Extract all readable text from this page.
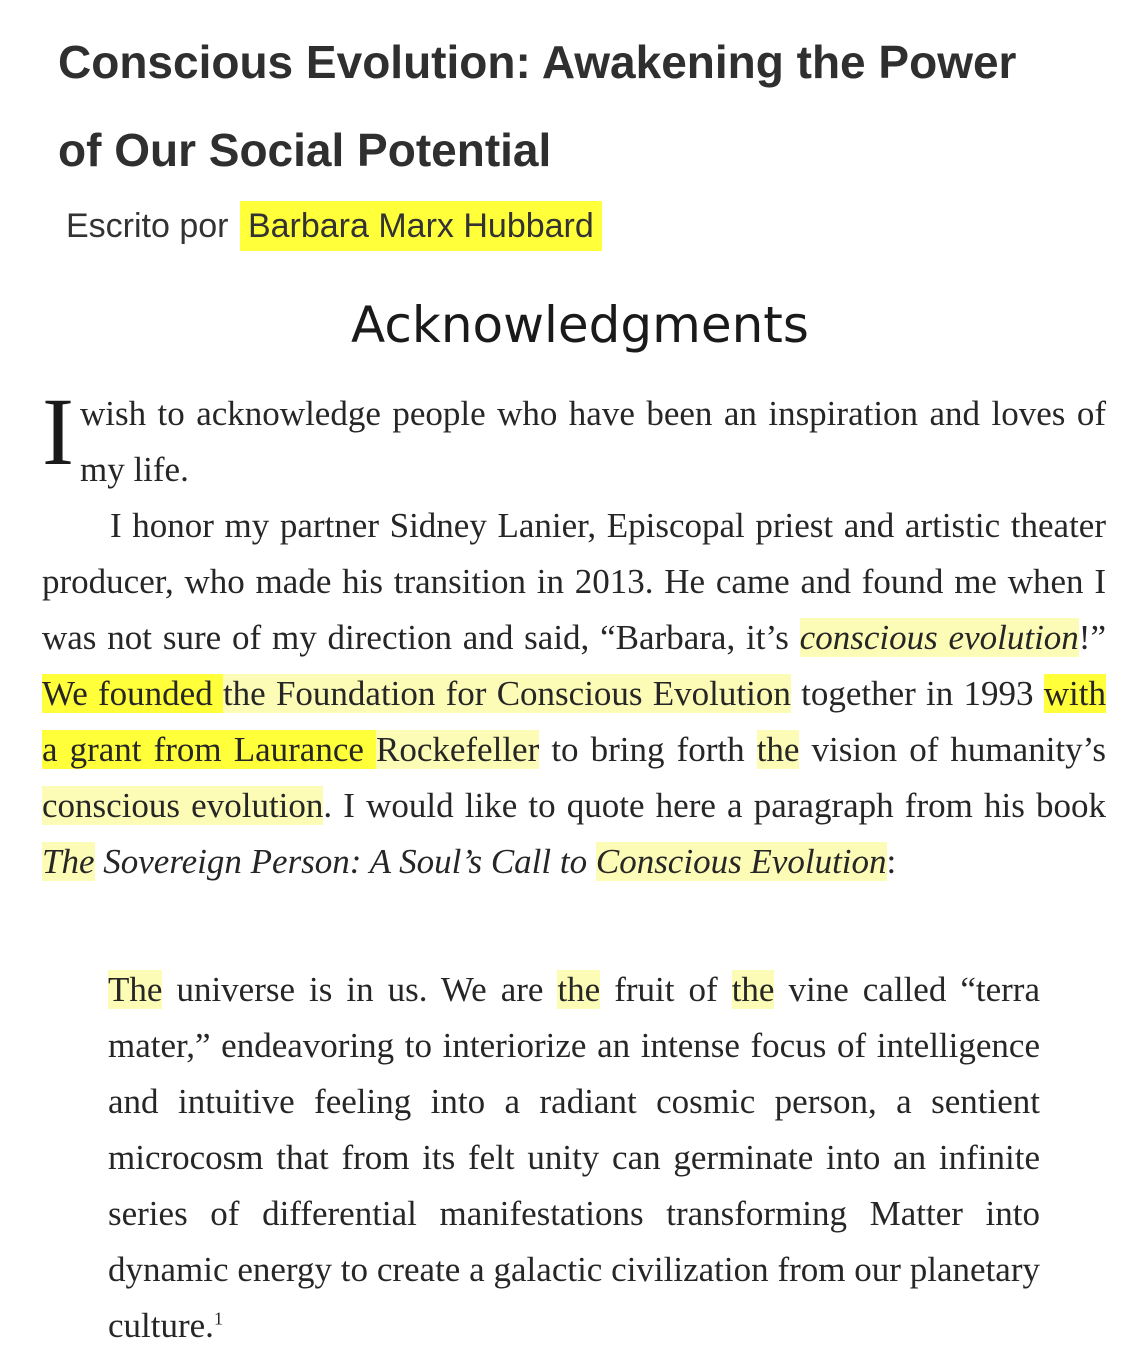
Conscious Evolution: Awakening the Power of Our Social Potential
Escrito por Barbara Marx Hubbard
Acknowledgments

Iwish to acknowledge people who have been an inspiration and loves of my life.

I honor my partner Sidney Lanier, Episcopal priest and artistic theater producer, who made his transition in 2013. He came and found me when I was not sure of my direction and said, “Barbara, it’s conscious evolution!” We founded the Foundation for Conscious Evolution together in 1993 with a grant from Laurance Rockefeller to bring forth the vision of humanity’s conscious evolution. I would like to quote here a paragraph from his book The Sovereign Person: A Soul’s Call to Conscious Evolution:

The universe is in us. We are the fruit of the vine called “terra mater,” endeavoring to interiorize an intense focus of intelligence and intuitive feeling into a radiant cosmic person, a sentient microcosm that from its felt unity can germinate into an infinite series of differential manifestations transforming Matter into dynamic energy to create a galactic civilization from our planetary culture.$^1$
